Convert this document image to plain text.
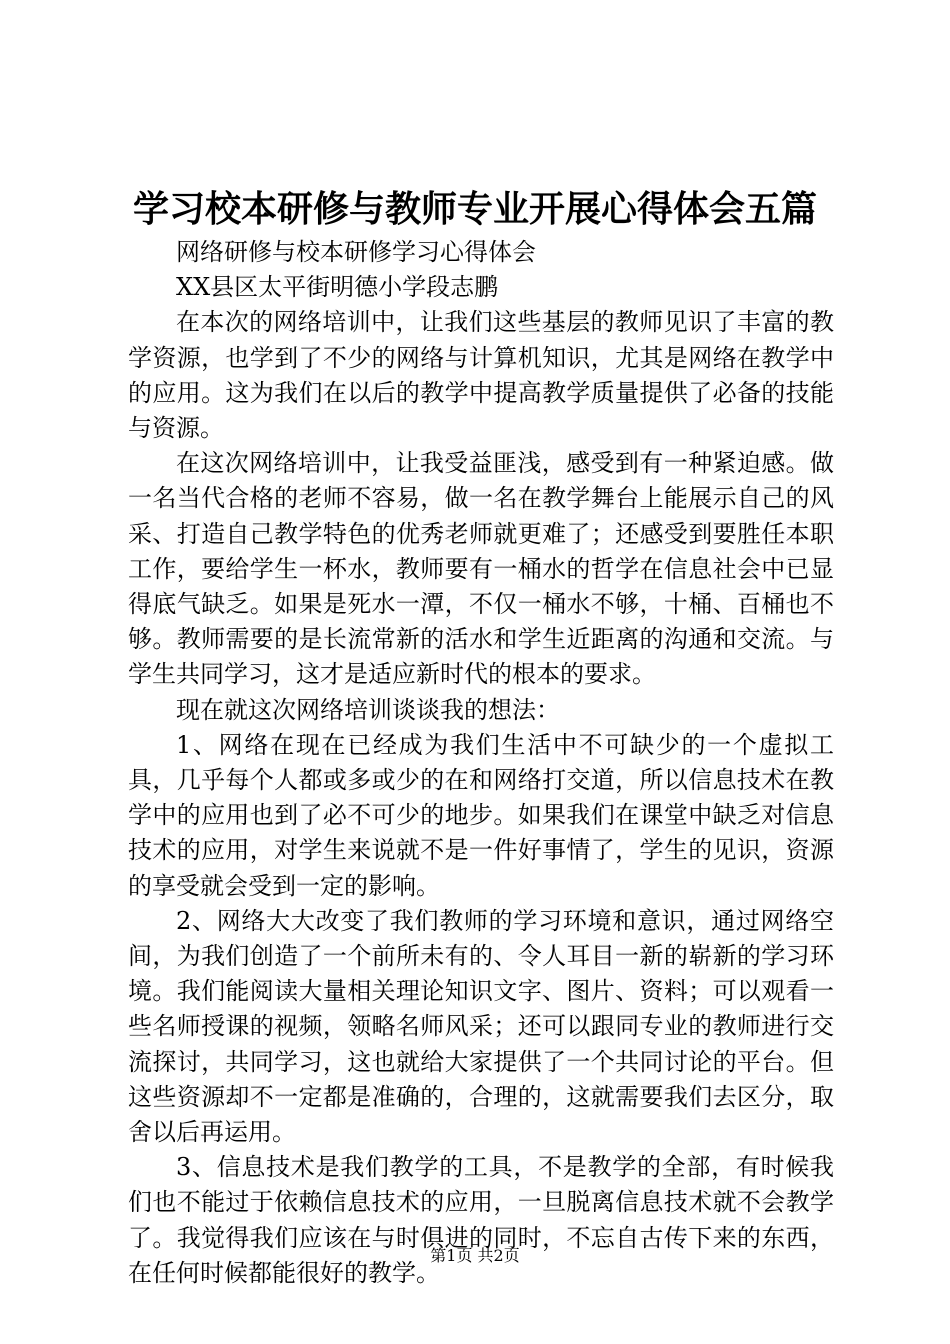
学习校本研修与教师专业开展心得体会五篇

网络研修与校本研修学习心得体会

XX县区太平街明德小学段志鹏

在本次的网络培训中，让我们这些基层的教师见识了丰富的教学资源，也学到了不少的网络与计算机知识，尤其是网络在教学中的应用。这为我们在以后的教学中提高教学质量提供了必备的技能与资源。

在这次网络培训中，让我受益匪浅，感受到有一种紧迫感。做一名当代合格的老师不容易，做一名在教学舞台上能展示自己的风采、打造自己教学特色的优秀老师就更难了；还感受到要胜任本职工作，要给学生一杯水，教师要有一桶水的哲学在信息社会中已显得底气缺乏。如果是死水一潭，不仅一桶水不够，十桶、百桶也不够。教师需要的是长流常新的活水和学生近距离的沟通和交流。与学生共同学习，这才是适应新时代的根本的要求。

现在就这次网络培训谈谈我的想法：

1、网络在现在已经成为我们生活中不可缺少的一个虚拟工具，几乎每个人都或多或少的在和网络打交道，所以信息技术在教学中的应用也到了必不可少的地步。如果我们在课堂中缺乏对信息技术的应用，对学生来说就不是一件好事情了，学生的见识，资源的享受就会受到一定的影响。

2、网络大大改变了我们教师的学习环境和意识，通过网络空间，为我们创造了一个前所未有的、令人耳目一新的崭新的学习环境。我们能阅读大量相关理论知识文字、图片、资料；可以观看一些名师授课的视频，领略名师风采；还可以跟同专业的教师进行交流探讨，共同学习，这也就给大家提供了一个共同讨论的平台。但这些资源却不一定都是准确的，合理的，这就需要我们去区分，取舍以后再运用。

3、信息技术是我们教学的工具，不是教学的全部，有时候我们也不能过于依赖信息技术的应用，一旦脱离信息技术就不会教学了。我觉得我们应该在与时俱进的同时，不忘自古传下来的东西，在任何时候都能很好的教学。

第1页 共2页
